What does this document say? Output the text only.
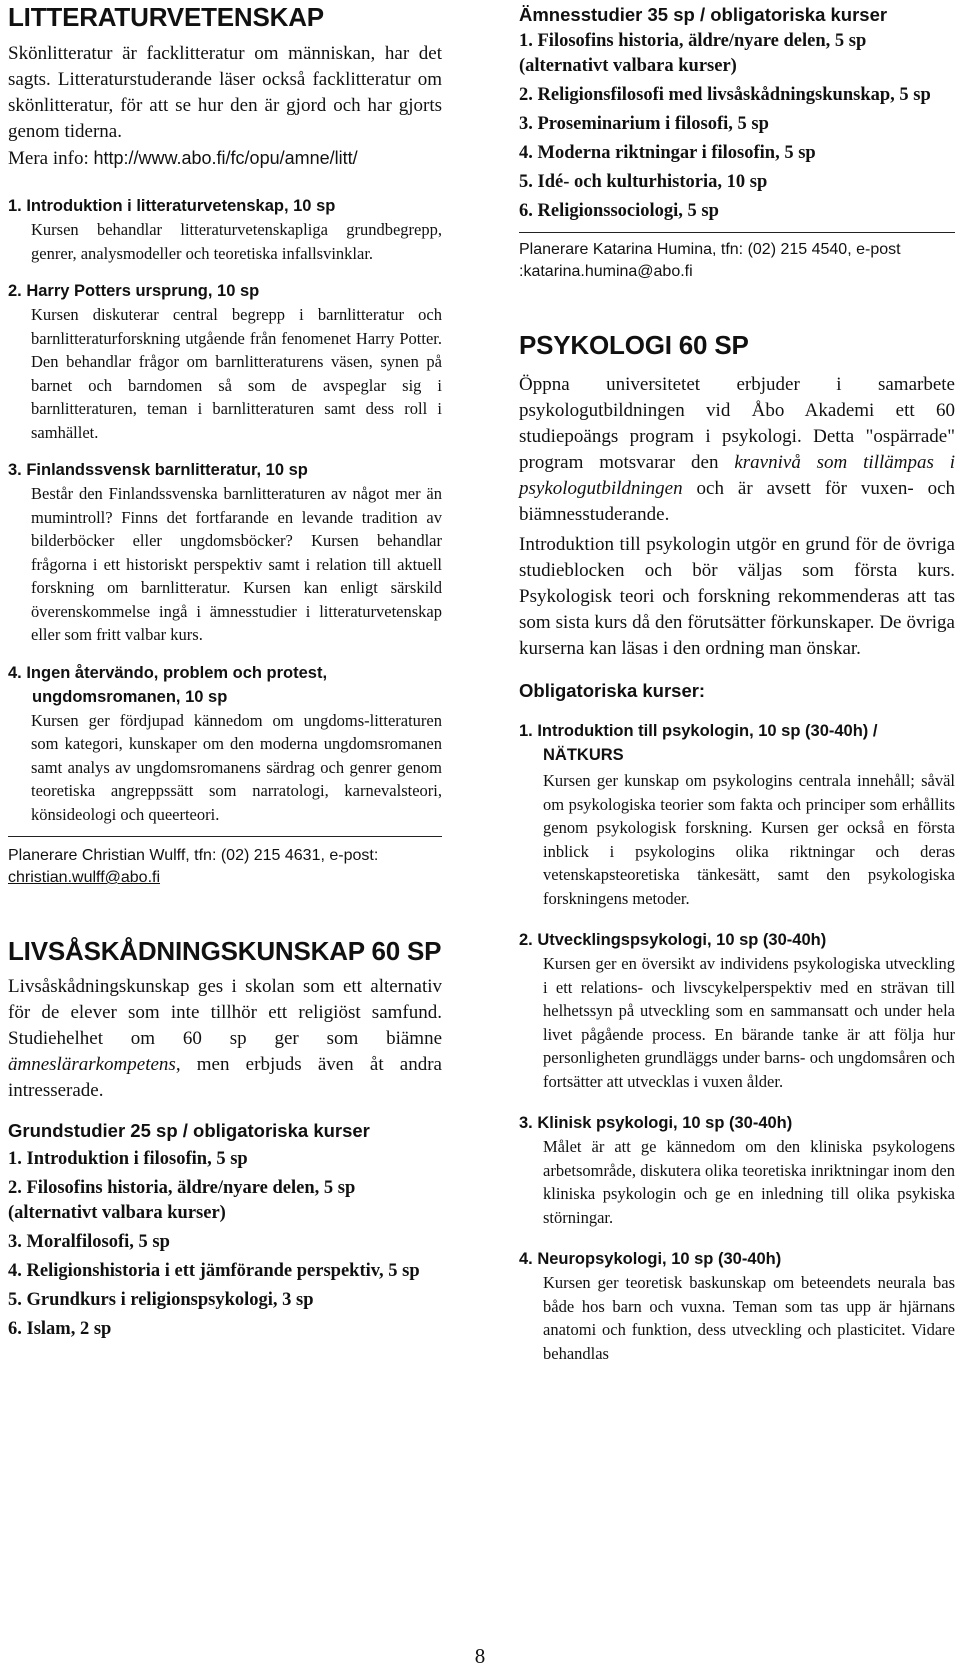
LITTERATURVETENSKAP

Skönlitteratur är facklitteratur om människan, har det sagts. Litteraturstuderande läser också facklitteratur om skönlitteratur, för att se hur den är gjord och har gjorts genom tiderna.
Mera info: http://www.abo.fi/fc/opu/amne/litt/

1. Introduktion i litteraturvetenskap, 10 sp

Kursen behandlar litteraturvetenskapliga grundbegrepp, genrer, analysmodeller och teoretiska infallsvinklar.

2. Harry Potters ursprung, 10 sp

Kursen diskuterar central begrepp i barnlitteratur och barnlitteraturforskning utgående från fenomenet Harry Potter. Den behandlar frågor om barnlitteraturens väsen, synen på barnet och barndomen så som de avspeglar sig i barnlitteraturen, teman i barnlitteraturen samt dess roll i samhället.

3. Finlandssvensk barnlitteratur, 10 sp

Består den Finlandssvenska barnlitteraturen av något mer än mumintroll? Finns det fortfarande en levande tradition av bilderböcker eller ungdomsböcker? Kursen behandlar frågorna i ett historiskt perspektiv samt i relation till aktuell forskning om barnlitteratur. Kursen kan enligt särskild överenskommelse ingå i ämnesstudier i litteraturvetenskap eller som fritt valbar kurs.

4. Ingen återvändo, problem och protest, ungdomsromanen, 10 sp

Kursen ger fördjupad kännedom om ungdoms-litteraturen som kategori, kunskaper om den moderna ungdomsromanen samt analys av ungdomsromanens särdrag och genrer genom teoretiska angreppssätt som narratologi, karnevalsteori, könsideologi och queerteori.

Planerare Christian Wulff, tfn: (02) 215 4631, e-post: christian.wulff@abo.fi

LIVSÅSKÅDNINGSKUNSKAP 60 SP

Livsåskådningskunskap ges i skolan som ett alternativ för de elever som inte tillhör ett religiöst samfund. Studiehelhet om 60 sp ger som biämne ämneslärarkompetens, men erbjuds även åt andra intresserade.

Grundstudier 25 sp / obligatoriska kurser

1. Introduktion i filosofin, 5 sp

2. Filosofins historia, äldre/nyare delen, 5 sp (alternativt valbara kurser)

3. Moralfilosofi, 5 sp

4. Religionshistoria i ett jämförande perspektiv, 5 sp

5. Grundkurs i religionspsykologi, 3 sp

6. Islam, 2 sp

Ämnesstudier 35 sp / obligatoriska kurser

1. Filosofins historia, äldre/nyare delen, 5 sp (alternativt valbara kurser)

2. Religionsfilosofi med livsåskådningskunskap, 5 sp

3. Proseminarium i filosofi, 5 sp

4. Moderna riktningar i filosofin, 5 sp

5. Idé- och kulturhistoria, 10 sp

6. Religionssociologi, 5 sp

Planerare Katarina Humina, tfn: (02) 215 4540, e-post :katarina.humina@abo.fi

PSYKOLOGI 60 SP

Öppna universitetet erbjuder i samarbete psykologutbildningen vid Åbo Akademi ett 60 studiepoängs program i psykologi. Detta "ospärrade" program motsvarar den kravnivå som tillämpas i psykologutbildningen och är avsett för vuxen- och biämnesstuderande.

Introduktion till psykologin utgör en grund för de övriga studieblocken och bör väljas som första kurs. Psykologisk teori och forskning rekommenderas att tas som sista kurs då den förutsätter förkunskaper. De övriga kurserna kan läsas i den ordning man önskar.

Obligatoriska kurser:

1. Introduktion till psykologin, 10 sp (30-40h) / NÄTKURS

Kursen ger kunskap om psykologins centrala innehåll; såväl om psykologiska teorier som fakta och principer som erhållits genom psykologisk forskning. Kursen ger också en första inblick i psykologins olika riktningar och deras vetenskapsteoretiska tänkesätt, samt den psykologiska forskningens metoder.

2. Utvecklingspsykologi, 10 sp (30-40h)

Kursen ger en översikt av individens psykologiska utveckling i ett relations- och livscykelperspektiv med en strävan till helhetssyn på utveckling som en sammansatt och under hela livet pågående process. En bärande tanke är att följa hur personligheten grundläggs under barns- och ungdomsåren och fortsätter att utvecklas i vuxen ålder.

3. Klinisk psykologi, 10 sp (30-40h)

Målet är att ge kännedom om den kliniska psykologens arbetsområde, diskutera olika teoretiska inriktningar inom den kliniska psykologin och ge en inledning till olika psykiska störningar.

4. Neuropsykologi, 10 sp (30-40h)

Kursen ger teoretisk baskunskap om beteendets neurala bas både hos barn och vuxna. Teman som tas upp är hjärnans anatomi och funktion, dess utveckling och plasticitet. Vidare behandlas

8
